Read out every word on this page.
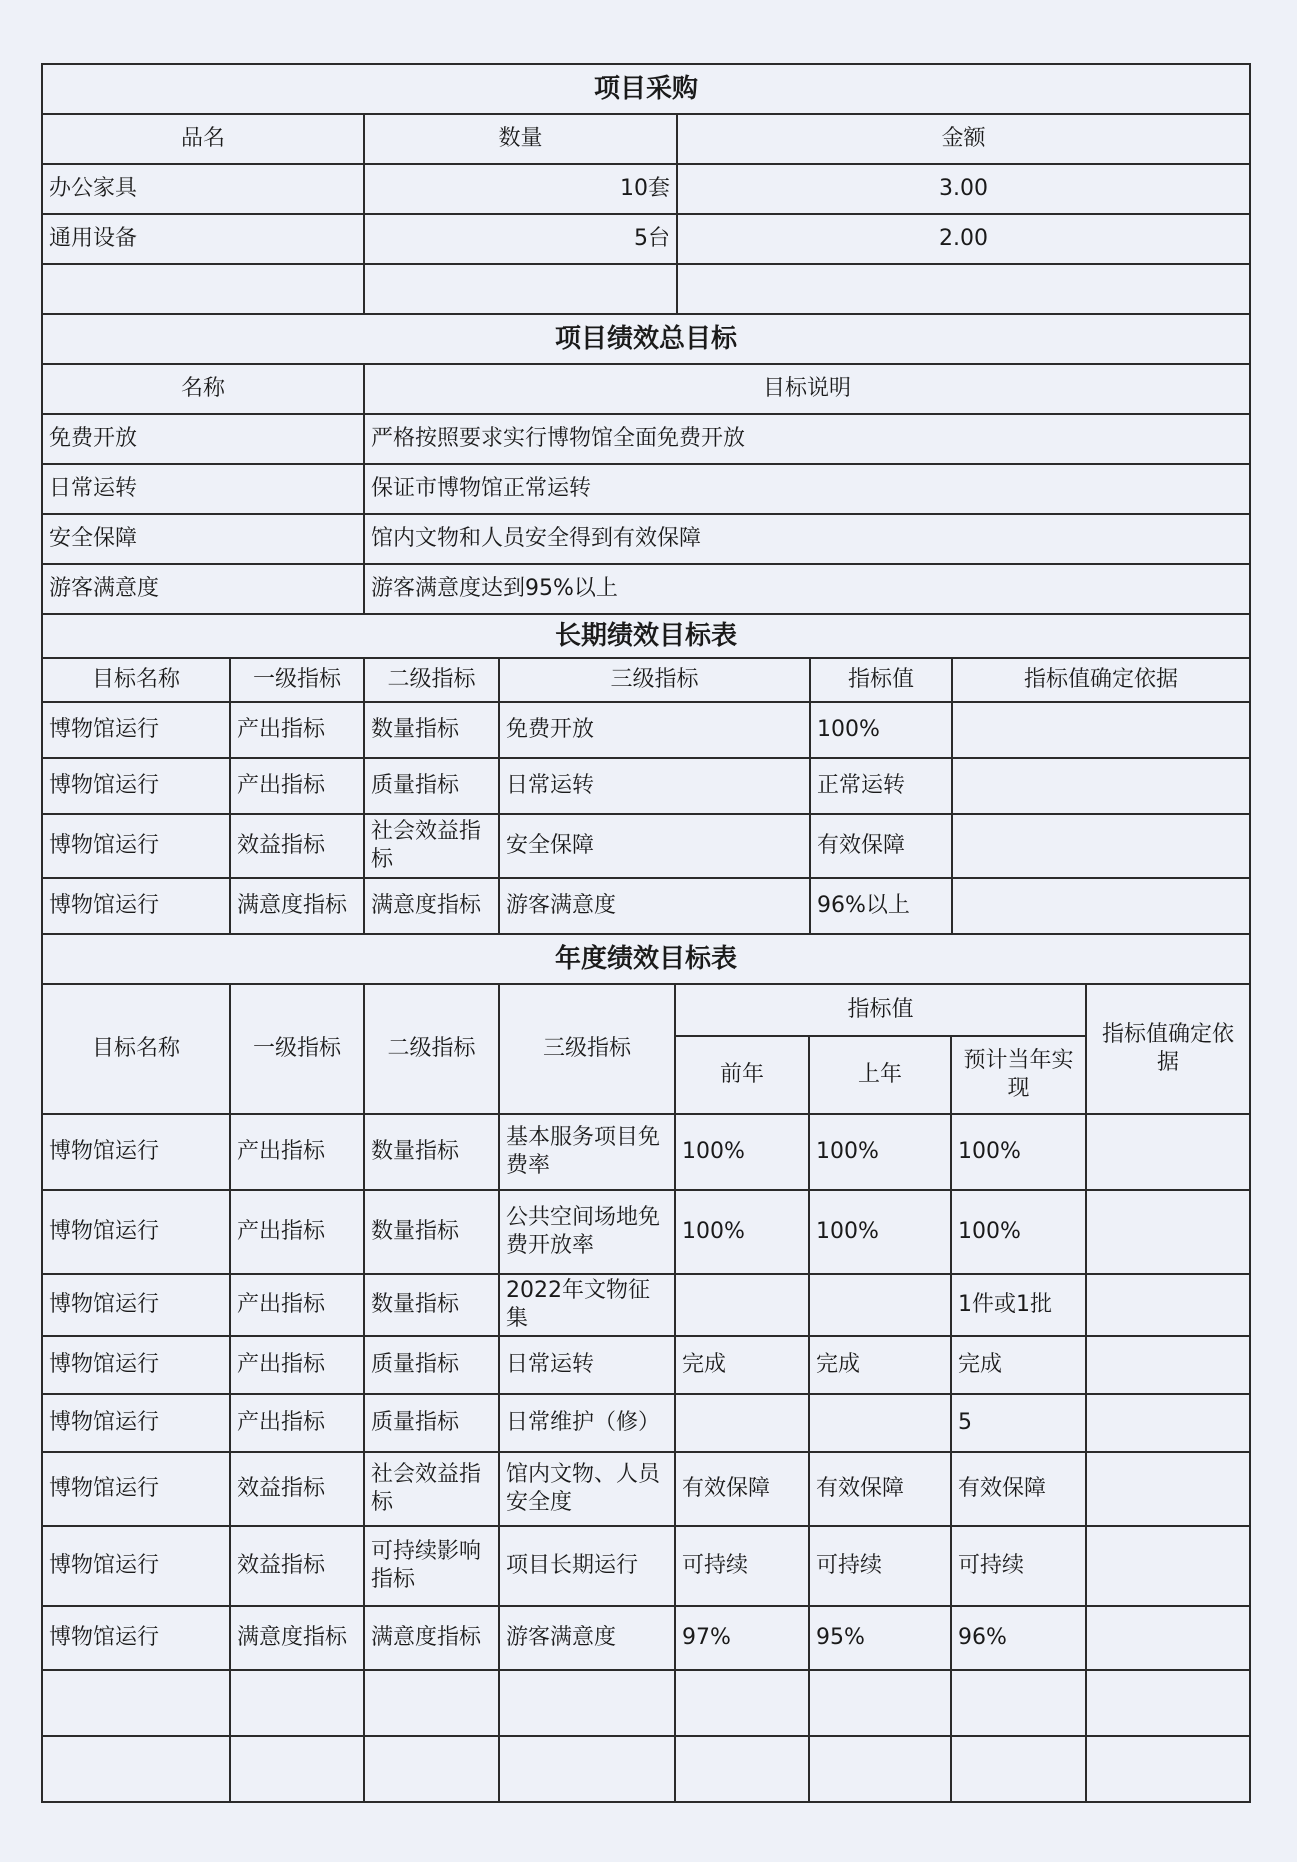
项目采购		
品名	数量	金额
办公家具	10套	3.00
通用设备	5台	2.00

项目绩效总目标	
名称	目标说明
免费开放	严格按照要求实行博物馆全面免费开放
日常运转	保证市博物馆正常运转
安全保障	馆内文物和人员安全得到有效保障
游客满意度	游客满意度达到95%以上
长期绩效目标表					
目标名称	一级指标	二级指标	三级指标	指标值	指标值确定依据
博物馆运行	产出指标	数量指标	免费开放	100%	
博物馆运行	产出指标	质量指标	日常运转	正常运转	
博物馆运行	效益指标	社会效益指标	安全保障	有效保障	
博物馆运行	满意度指标	满意度指标	游客满意度	96%以上	
年度绩效目标表							
目标名称	一级指标	二级指标	三级指标	指标值			指标值确定依据
				前年	上年	预计当年实现	
博物馆运行	产出指标	数量指标	基本服务项目免费率	100%	100%	100%	
博物馆运行	产出指标	数量指标	公共空间场地免费开放率	100%	100%	100%	
博物馆运行	产出指标	数量指标	2022年文物征集			1件或1批	
博物馆运行	产出指标	质量指标	日常运转	完成	完成	完成	
博物馆运行	产出指标	质量指标	日常维护（修）			5	
博物馆运行	效益指标	社会效益指标	馆内文物、人员安全度	有效保障	有效保障	有效保障	
博物馆运行	效益指标	可持续影响指标	项目长期运行	可持续	可持续	可持续	
博物馆运行	满意度指标	满意度指标	游客满意度	97%	95%	96%	
